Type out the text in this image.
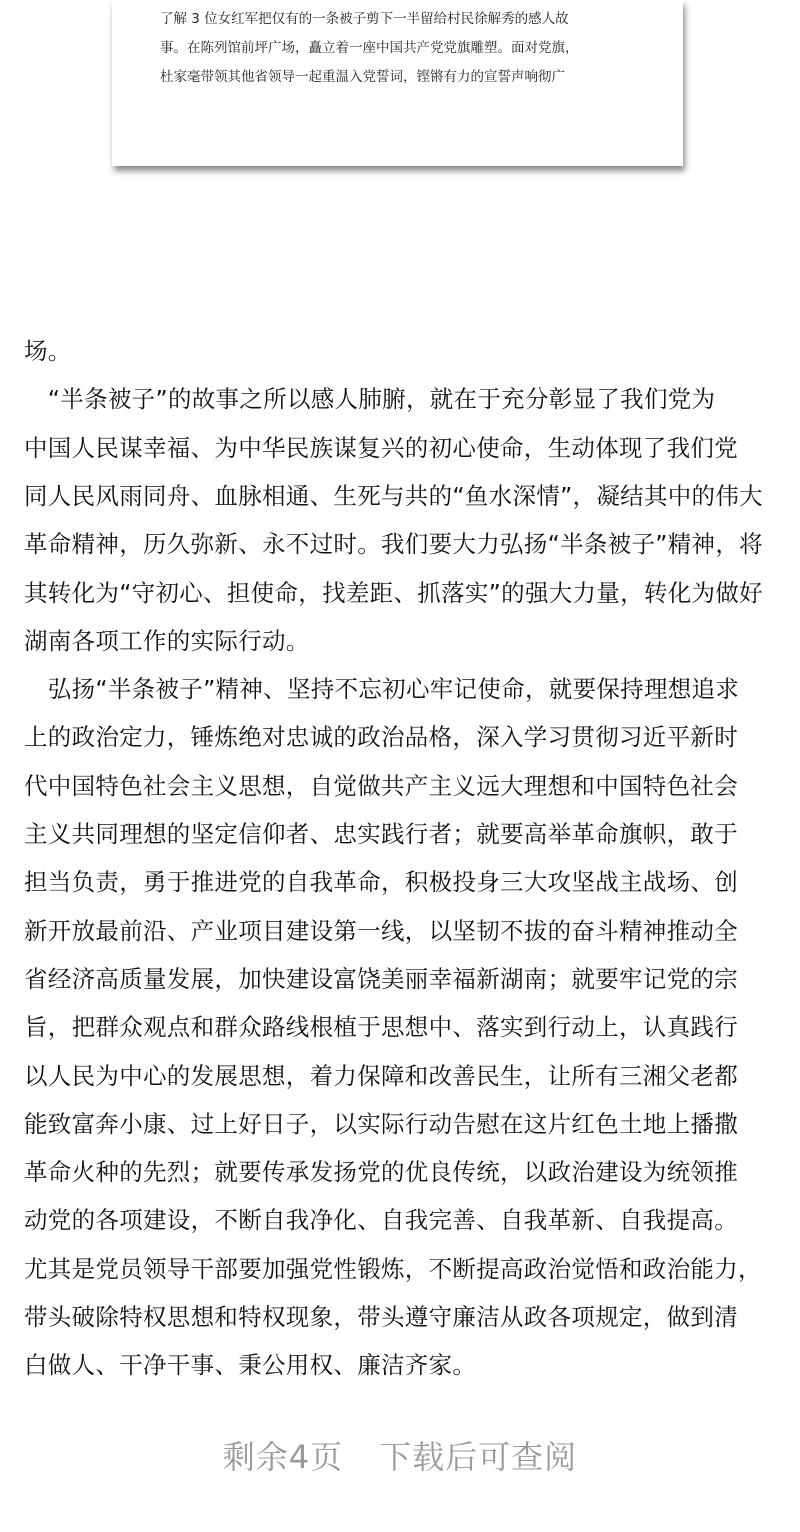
了解 3 位女红军把仅有的一条被子剪下一半留给村民徐解秀的感人故
事。在陈列馆前坪广场，矗立着一座中国共产党党旗雕塑。面对党旗，
杜家毫带领其他省领导一起重温入党誓词，铿锵有力的宣誓声响彻广
场。
　“半条被子”的故事之所以感人肺腑，就在于充分彰显了我们党为
中国人民谋幸福、为中华民族谋复兴的初心使命，生动体现了我们党
同人民风雨同舟、血脉相通、生死与共的“鱼水深情”，凝结其中的伟大
革命精神，历久弥新、永不过时。我们要大力弘扬“半条被子”精神，将
其转化为“守初心、担使命，找差距、抓落实”的强大力量，转化为做好
湖南各项工作的实际行动。
　弘扬“半条被子”精神、坚持不忘初心牢记使命，就要保持理想追求
上的政治定力，锤炼绝对忠诚的政治品格，深入学习贯彻习近平新时
代中国特色社会主义思想，自觉做共产主义远大理想和中国特色社会
主义共同理想的坚定信仰者、忠实践行者；就要高举革命旗帜，敢于
担当负责，勇于推进党的自我革命，积极投身三大攻坚战主战场、创
新开放最前沿、产业项目建设第一线，以坚韧不拔的奋斗精神推动全
省经济高质量发展，加快建设富饶美丽幸福新湖南；就要牢记党的宗
旨，把群众观点和群众路线根植于思想中、落实到行动上，认真践行
以人民为中心的发展思想，着力保障和改善民生，让所有三湘父老都
能致富奔小康、过上好日子，以实际行动告慰在这片红色土地上播撒
革命火种的先烈；就要传承发扬党的优良传统，以政治建设为统领推
动党的各项建设，不断自我净化、自我完善、自我革新、自我提高。
尤其是党员领导干部要加强党性锻炼，不断提高政治觉悟和政治能力，
带头破除特权思想和特权现象，带头遵守廉洁从政各项规定，做到清
白做人、干净干事、秉公用权、廉洁齐家。
剩余4页 下载后可查阅
